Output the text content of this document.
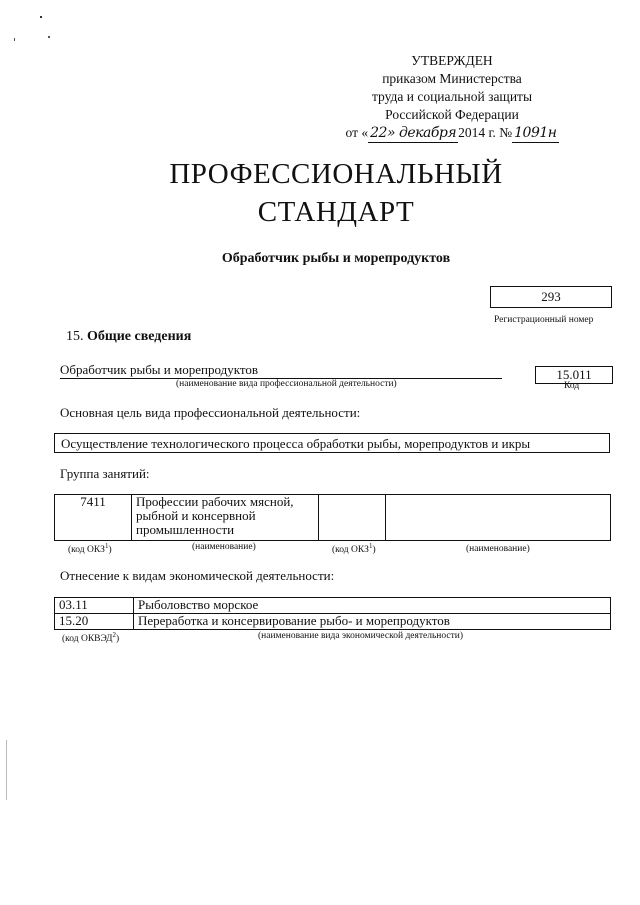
УТВЕРЖДЕН
приказом Министерства
труда и социальной защиты
Российской Федерации
от « 22» декабря 2014 г. № 1091н
ПРОФЕССИОНАЛЬНЫЙ
СТАНДАРТ
Обработчик рыбы и морепродуктов
293
Регистрационный номер
15. Общие сведения
Обработчик рыбы и морепродуктов
(наименование вида профессиональной деятельности)
15.011
Код
Основная цель вида профессиональной деятельности:
Осуществление технологического процесса обработки рыбы, морепродуктов и икры
Группа занятий:
7411	Профессии рабочих мясной, рыбной и консервной промышленности		
(код ОКЗ$^1$)	(наименование)	(код ОКЗ$^1$)	(наименование)
Отнесение к видам экономической деятельности:
03.11	Рыболовство морское
15.20	Переработка и консервирование рыбо- и морепродуктов
(код ОКВЭД$^2$)	(наименование вида экономической деятельности)
